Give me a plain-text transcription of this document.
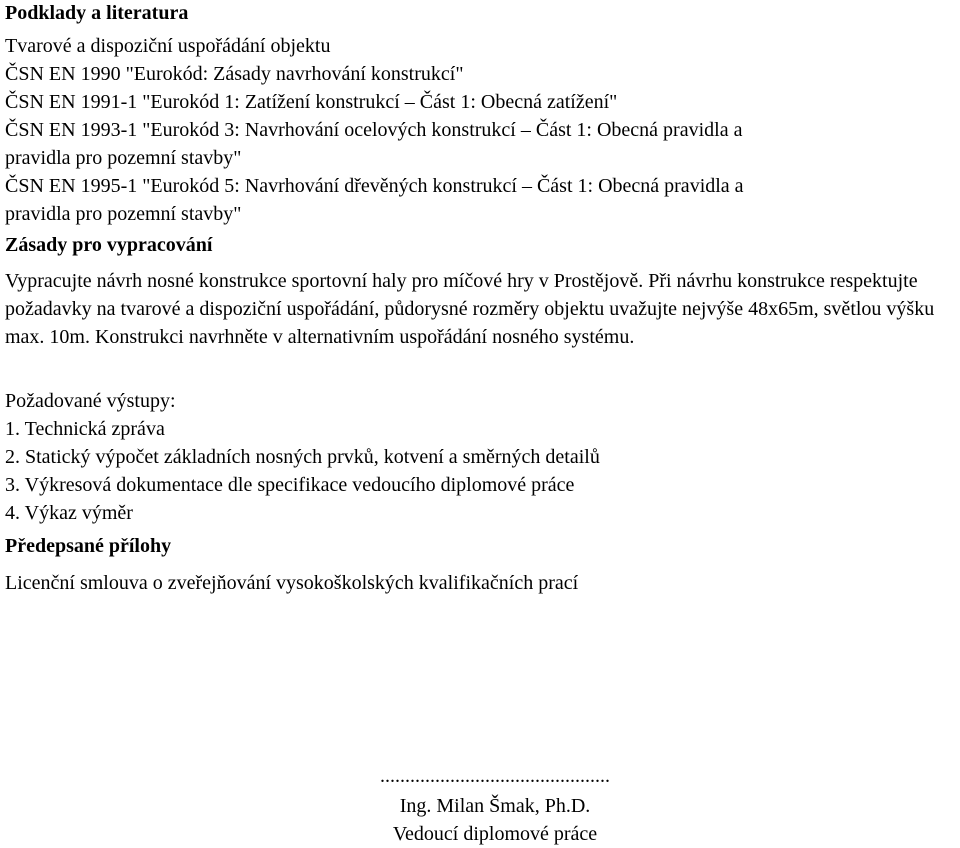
Podklady a literatura
Tvarové a dispoziční uspořádání objektu
ČSN EN 1990 "Eurokód: Zásady navrhování konstrukcí"
ČSN EN 1991-1 "Eurokód 1: Zatížení konstrukcí – Část 1: Obecná zatížení"
ČSN EN 1993-1 "Eurokód 3: Navrhování ocelových konstrukcí – Část 1: Obecná pravidla a
pravidla pro pozemní stavby"
ČSN EN 1995-1 "Eurokód 5: Navrhování dřevěných konstrukcí – Část 1: Obecná pravidla a
pravidla pro pozemní stavby"
Zásady pro vypracování
Vypracujte návrh nosné konstrukce sportovní haly pro míčové hry v Prostějově. Při návrhu konstrukce respektujte požadavky na tvarové a dispoziční uspořádání, půdorysné rozměry objektu uvažujte nejvýše 48x65m, světlou výšku max. 10m. Konstrukci navrhněte v alternativním uspořádání nosného systému.
Požadované výstupy:
1. Technická zpráva
2. Statický výpočet základních nosných prvků, kotvení a směrných detailů
3. Výkresová dokumentace dle specifikace vedoucího diplomové práce
4. Výkaz výměr
Předepsané přílohy
Licenční smlouva o zveřejňování vysokoškolských kvalifikačních prací
..............................................
Ing. Milan Šmak, Ph.D.
Vedoucí diplomové práce
